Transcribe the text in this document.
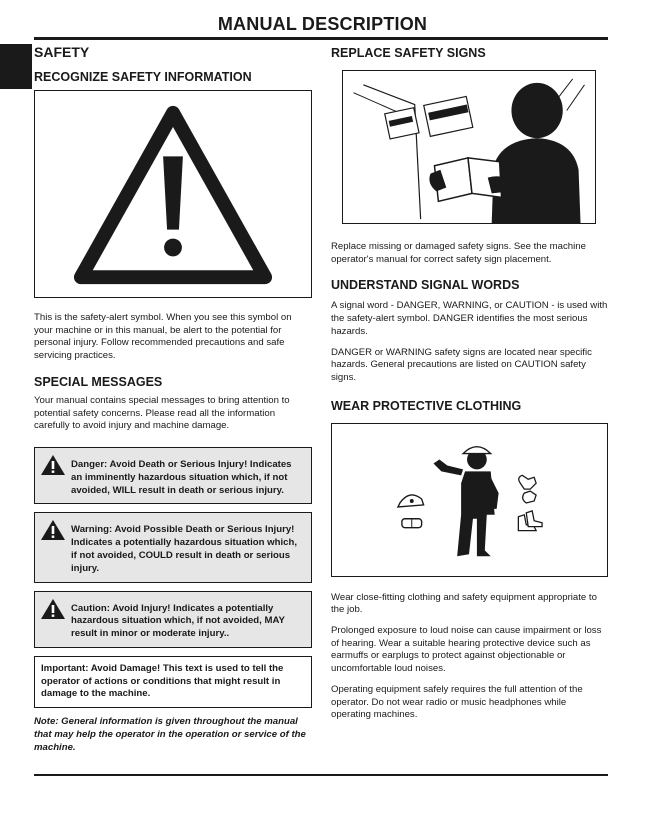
MANUAL DESCRIPTION
SAFETY
RECOGNIZE SAFETY INFORMATION

This is the safety-alert symbol. When you see this symbol on your machine or in this manual, be alert to the potential for personal injury. Follow recommended precautions and safe servicing practices.

SPECIAL MESSAGES

Your manual contains special messages to bring attention to potential safety concerns. Please read all the information carefully to avoid injury and machine damage.

Danger: Avoid Death or Serious Injury! Indicates an imminently hazardous situation which, if not avoided, WILL result in death or serious injury.
Warning: Avoid Possible Death or Serious Injury! Indicates a potentially hazardous situation which, if not avoided, COULD result in death or serious injury.
Caution: Avoid Injury! Indicates a potentially hazardous situation which, if not avoided, MAY result in minor or moderate injury..
Important: Avoid Damage! This text is used to tell the operator of actions or conditions that might result in damage to the machine.

Note: General information is given throughout the manual that may help the operator in the operation or service of the machine.

REPLACE SAFETY SIGNS

Replace missing or damaged safety signs. See the machine operator's manual for correct safety sign placement.

UNDERSTAND SIGNAL WORDS

A signal word - DANGER, WARNING, or CAUTION - is used with the safety-alert symbol. DANGER identifies the most serious hazards.

DANGER or WARNING safety signs are located near specific hazards. General precautions are listed on CAUTION safety signs.

WEAR PROTECTIVE CLOTHING

Wear close-fitting clothing and safety equipment appropriate to the job.

Prolonged exposure to loud noise can cause impairment or loss of hearing. Wear a suitable hearing protective device such as earmuffs or earplugs to protect against objectionable or uncomfortable loud noises.

Operating equipment safely requires the full attention of the operator. Do not wear radio or music headphones while operating machines.
